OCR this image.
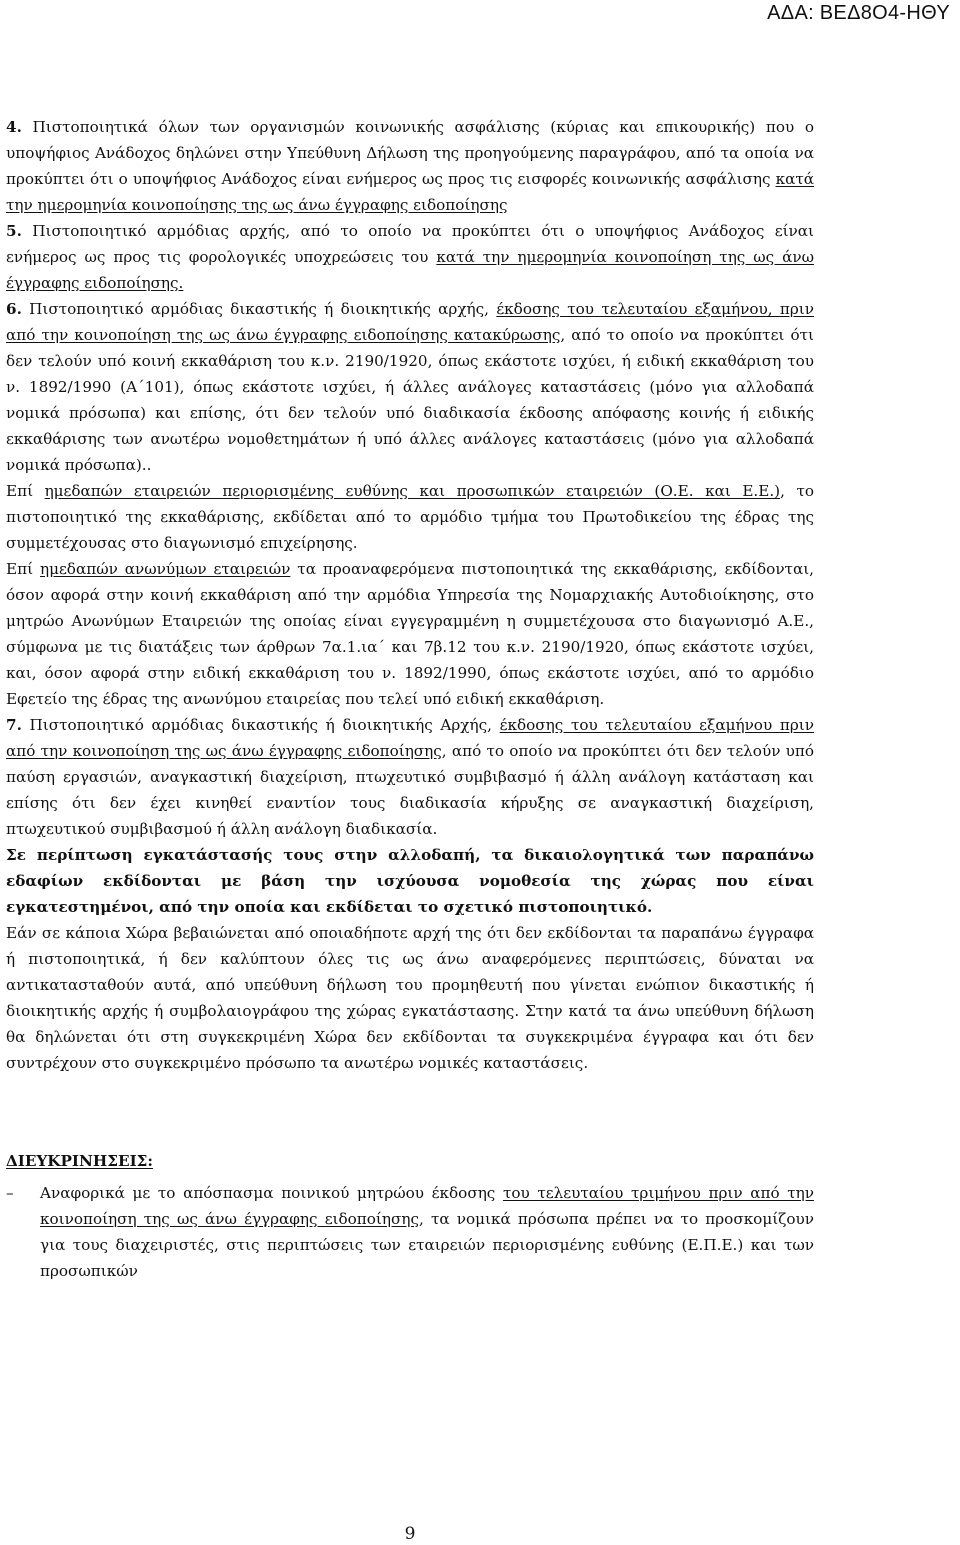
ΑΔΑ: ΒΕΔ8Ο4-ΗΘΥ

4. Πιστοποιητικά όλων των οργανισμών κοινωνικής ασφάλισης (κύριας και επικουρικής) που ο υποψήφιος Ανάδοχος δηλώνει στην Υπεύθυνη Δήλωση της προηγούμενης παραγράφου, από τα οποία να προκύπτει ότι ο υποψήφιος Ανάδοχος είναι ενήμερος ως προς τις εισφορές κοινωνικής ασφάλισης κατά την ημερομηνία κοινοποίησης της ως άνω έγγραφης ειδοποίησης

5. Πιστοποιητικό αρμόδιας αρχής, από το οποίο να προκύπτει ότι ο υποψήφιος Ανάδοχος είναι ενήμερος ως προς τις φορολογικές υποχρεώσεις του κατά την ημερομηνία κοινοποίηση της ως άνω έγγραφης ειδοποίησης.

6. Πιστοποιητικό αρμόδιας δικαστικής ή διοικητικής αρχής, έκδοσης του τελευταίου εξαμήνου, πριν από την κοινοποίηση της ως άνω έγγραφης ειδοποίησης κατακύρωσης, από το οποίο να προκύπτει ότι δεν τελούν υπό κοινή εκκαθάριση του κ.ν. 2190/1920, όπως εκάστοτε ισχύει, ή ειδική εκκαθάριση του ν. 1892/1990 (Α΄101), όπως εκάστοτε ισχύει, ή άλλες ανάλογες καταστάσεις (μόνο για αλλοδαπά νομικά πρόσωπα) και επίσης, ότι δεν τελούν υπό διαδικασία έκδοσης απόφασης κοινής ή ειδικής εκκαθάρισης των ανωτέρω νομοθετημάτων ή υπό άλλες ανάλογες καταστάσεις (μόνο για αλλοδαπά νομικά πρόσωπα)..

Επί ημεδαπών εταιρειών περιορισμένης ευθύνης και προσωπικών εταιρειών (Ο.Ε. και Ε.Ε.), το πιστοποιητικό της εκκαθάρισης, εκδίδεται από το αρμόδιο τμήμα του Πρωτοδικείου της έδρας της συμμετέχουσας στο διαγωνισμό επιχείρησης.

Επί ημεδαπών ανωνύμων εταιρειών τα προαναφερόμενα πιστοποιητικά της εκκαθάρισης, εκδίδονται, όσον αφορά στην κοινή εκκαθάριση από την αρμόδια Υπηρεσία της Νομαρχιακής Αυτοδιοίκησης, στο μητρώο Ανωνύμων Εταιρειών της οποίας είναι εγγεγραμμένη η συμμετέχουσα στο διαγωνισμό Α.Ε., σύμφωνα με τις διατάξεις των άρθρων 7α.1.ια΄ και 7β.12 του κ.ν. 2190/1920, όπως εκάστοτε ισχύει, και, όσον αφορά στην ειδική εκκαθάριση του ν. 1892/1990, όπως εκάστοτε ισχύει, από το αρμόδιο Εφετείο της έδρας της ανωνύμου εταιρείας που τελεί υπό ειδική εκκαθάριση.

7. Πιστοποιητικό αρμόδιας δικαστικής ή διοικητικής Αρχής, έκδοσης του τελευταίου εξαμήνου πριν από την κοινοποίηση της ως άνω έγγραφης ειδοποίησης, από το οποίο να προκύπτει ότι δεν τελούν υπό παύση εργασιών, αναγκαστική διαχείριση, πτωχευτικό συμβιβασμό ή άλλη ανάλογη κατάσταση και επίσης ότι δεν έχει κινηθεί εναντίον τους διαδικασία κήρυξης σε αναγκαστική διαχείριση, πτωχευτικού συμβιβασμού ή άλλη ανάλογη διαδικασία.

Σε περίπτωση εγκατάστασής τους στην αλλοδαπή, τα δικαιολογητικά των παραπάνω εδαφίων εκδίδονται με βάση την ισχύουσα νομοθεσία της χώρας που είναι εγκατεστημένοι, από την οποία και εκδίδεται το σχετικό πιστοποιητικό.

Εάν σε κάποια Χώρα βεβαιώνεται από οποιαδήποτε αρχή της ότι δεν εκδίδονται τα παραπάνω έγγραφα ή πιστοποιητικά, ή δεν καλύπτουν όλες τις ως άνω αναφερόμενες περιπτώσεις, δύναται να αντικατασταθούν αυτά, από υπεύθυνη δήλωση του προμηθευτή που γίνεται ενώπιον δικαστικής ή διοικητικής αρχής ή συμβολαιογράφου της χώρας εγκατάστασης. Στην κατά τα άνω υπεύθυνη δήλωση θα δηλώνεται ότι στη συγκεκριμένη Χώρα δεν εκδίδονται τα συγκεκριμένα έγγραφα και ότι δεν συντρέχουν στο συγκεκριμένο πρόσωπο τα ανωτέρω νομικές καταστάσεις.

ΔΙΕΥΚΡΙΝΗΣΕΙΣ:

–	Αναφορικά με το απόσπασμα ποινικού μητρώου έκδοσης του τελευταίου τριμήνου πριν από την κοινοποίηση της ως άνω έγγραφης ειδοποίησης, τα νομικά πρόσωπα πρέπει να το προσκομίζουν για τους διαχειριστές, στις περιπτώσεις των εταιρειών περιορισμένης ευθύνης (Ε.Π.Ε.) και των προσωπικών
9
